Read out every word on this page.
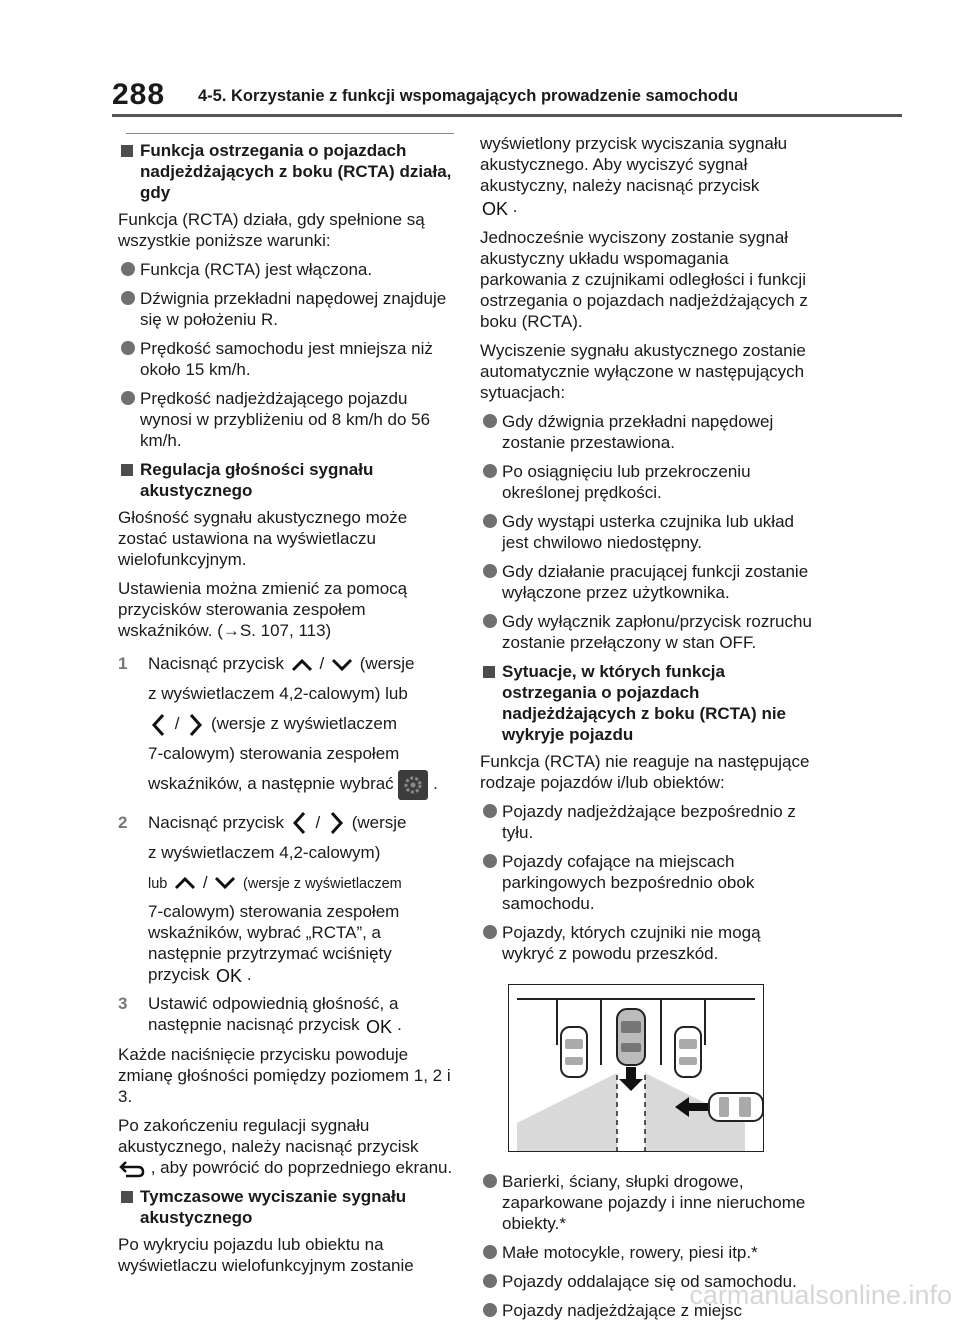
288 4-5. Korzystanie z funkcji wspomagających prowadzenie samochodu
Funkcja ostrzegania o pojazdach nadjeżdżających z boku (RCTA) działa, gdy

Funkcja (RCTA) działa, gdy spełnione są wszystkie poniższe warunki:

Funkcja (RCTA) jest włączona.
Dźwignia przekładni napędowej znajduje się w położeniu R.
Prędkość samochodu jest mniejsza niż około 15 km/h.
Prędkość nadjeżdżającego pojazdu wynosi w przybliżeniu od 8 km/h do 56 km/h.
Regulacja głośności sygnału akustycznego

Głośność sygnału akustycznego może zostać ustawiona na wyświetlaczu wielofunkcyjnym.

Ustawienia można zmienić za pomocą przycisków sterowania zespołem wskaźników. (→S. 107, 113)

1 Nacisnąć przycisk / (wersje
z wyświetlaczem 4,2-calowym) lub
/ (wersje z wyświetlaczem
7-calowym) sterowania zespołem
wskaźników, a następnie wybrać .
2 Nacisnąć przycisk / (wersje
z wyświetlaczem 4,2-calowym)
lub / (wersje z wyświetlaczem
7-calowym) sterowania zespołem wskaźników, wybrać „RCTA”, a następnie przytrzymać wciśnięty przycisk OK .
3 Ustawić odpowiednią głośność, a następnie nacisnąć przycisk OK .

Każde naciśnięcie przycisku powoduje zmianę głośności pomiędzy poziomem 1, 2 i 3.

Po zakończeniu regulacji sygnału akustycznego, należy nacisnąć przycisk
, aby powrócić do poprzedniego ekranu.

Tymczasowe wyciszanie sygnału akustycznego

Po wykryciu pojazdu lub obiektu na wyświetlaczu wielofunkcyjnym zostanie

wyświetlony przycisk wyciszania sygnału akustycznego. Aby wyciszyć sygnał akustyczny, należy nacisnąć przycisk

OK .

Jednocześnie wyciszony zostanie sygnał akustyczny układu wspomagania parkowania z czujnikami odległości i funkcji ostrzegania o pojazdach nadjeżdżających z boku (RCTA).

Wyciszenie sygnału akustycznego zostanie automatycznie wyłączone w następujących sytuacjach:

Gdy dźwignia przekładni napędowej zostanie przestawiona.
Po osiągnięciu lub przekroczeniu określonej prędkości.
Gdy wystąpi usterka czujnika lub układ jest chwilowo niedostępny.
Gdy działanie pracującej funkcji zostanie wyłączone przez użytkownika.
Gdy wyłącznik zapłonu/przycisk rozruchu zostanie przełączony w stan OFF.
Sytuacje, w których funkcja ostrzegania o pojazdach nadjeżdżających z boku (RCTA) nie wykryje pojazdu

Funkcja (RCTA) nie reaguje na następujące rodzaje pojazdów i/lub obiektów:

Pojazdy nadjeżdżające bezpośrednio z tyłu.
Pojazdy cofające na miejscach parkingowych bezpośrednio obok samochodu.
Pojazdy, których czujniki nie mogą wykryć z powodu przeszkód.
Barierki, ściany, słupki drogowe, zaparkowane pojazdy i inne nieruchome obiekty.*
Małe motocykle, rowery, piesi itp.*
Pojazdy oddalające się od samochodu.
Pojazdy nadjeżdżające z miejsc
carmanualsonline.info
